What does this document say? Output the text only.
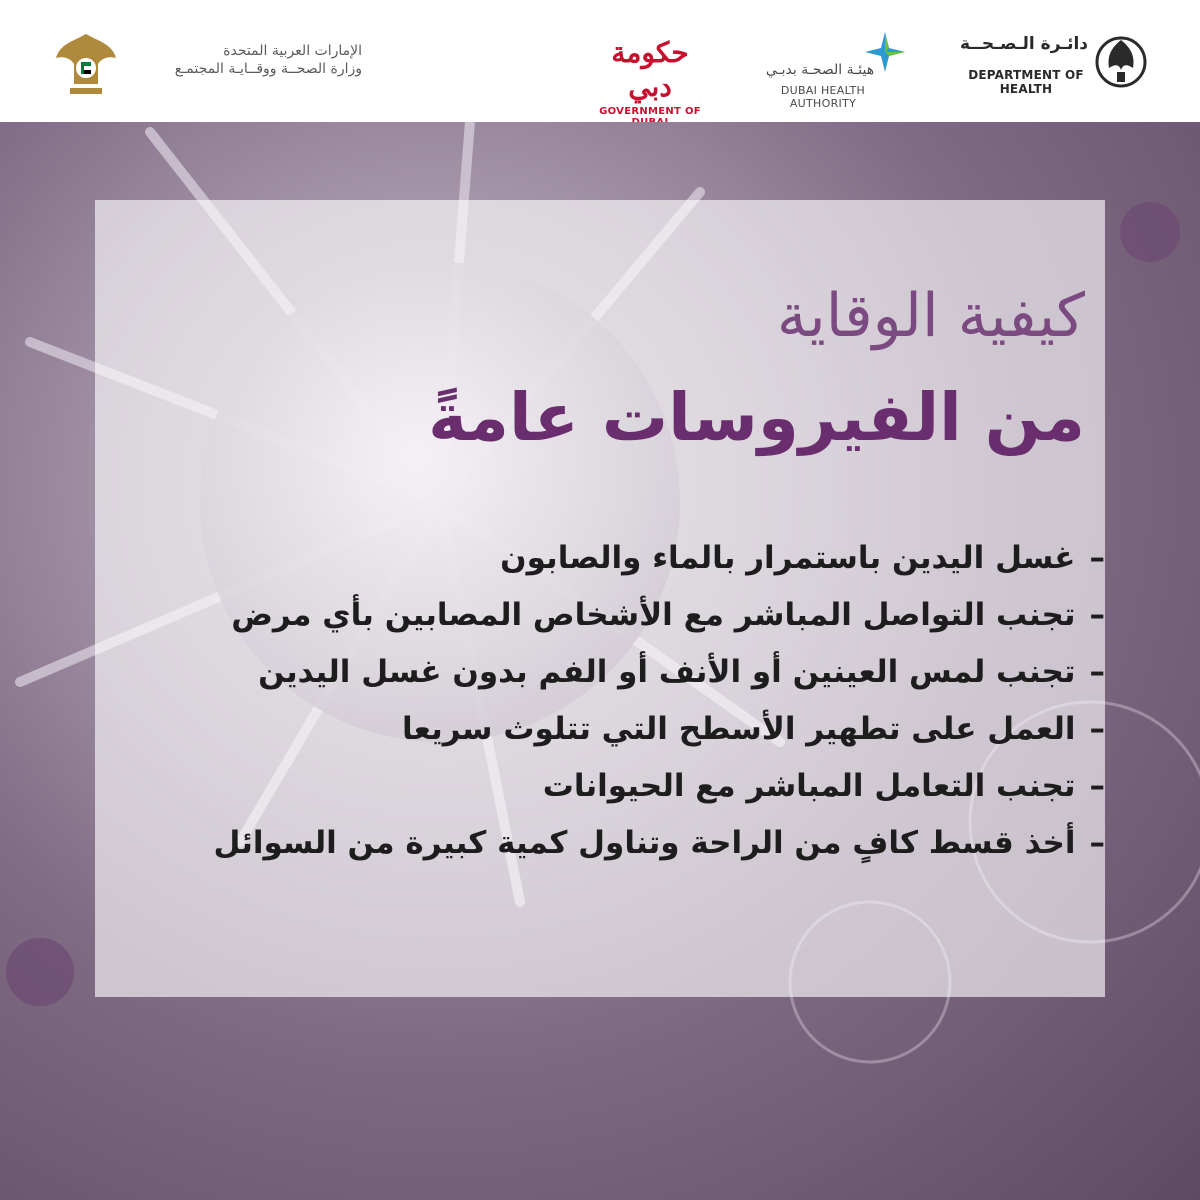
الإمارات العربية المتحدة
وزارة الصحــة ووقــايـة المجتمـع	حكومة دبي
GOVERNMENT OF
هيئـة الصحـة بدبـي
DUBAI HEALTH AUTHORITY
دائـرة الـصـحــة
DEPARTMENT OF HEALTH
كيفية الوقاية
من الفيروسات عامةً
–غسل اليدين باستمرار بالماء والصابون
–تجنب التواصل المباشر مع الأشخاص المصابين بأي مرض
–تجنب لمس العينين أو الأنف أو الفم بدون غسل اليدين
–العمل على تطهير الأسطح التي تتلوث سريعا
–تجنب التعامل المباشر مع الحيوانات
–أخذ قسط كافٍ من الراحة وتناول كمية كبيرة من السوائل
